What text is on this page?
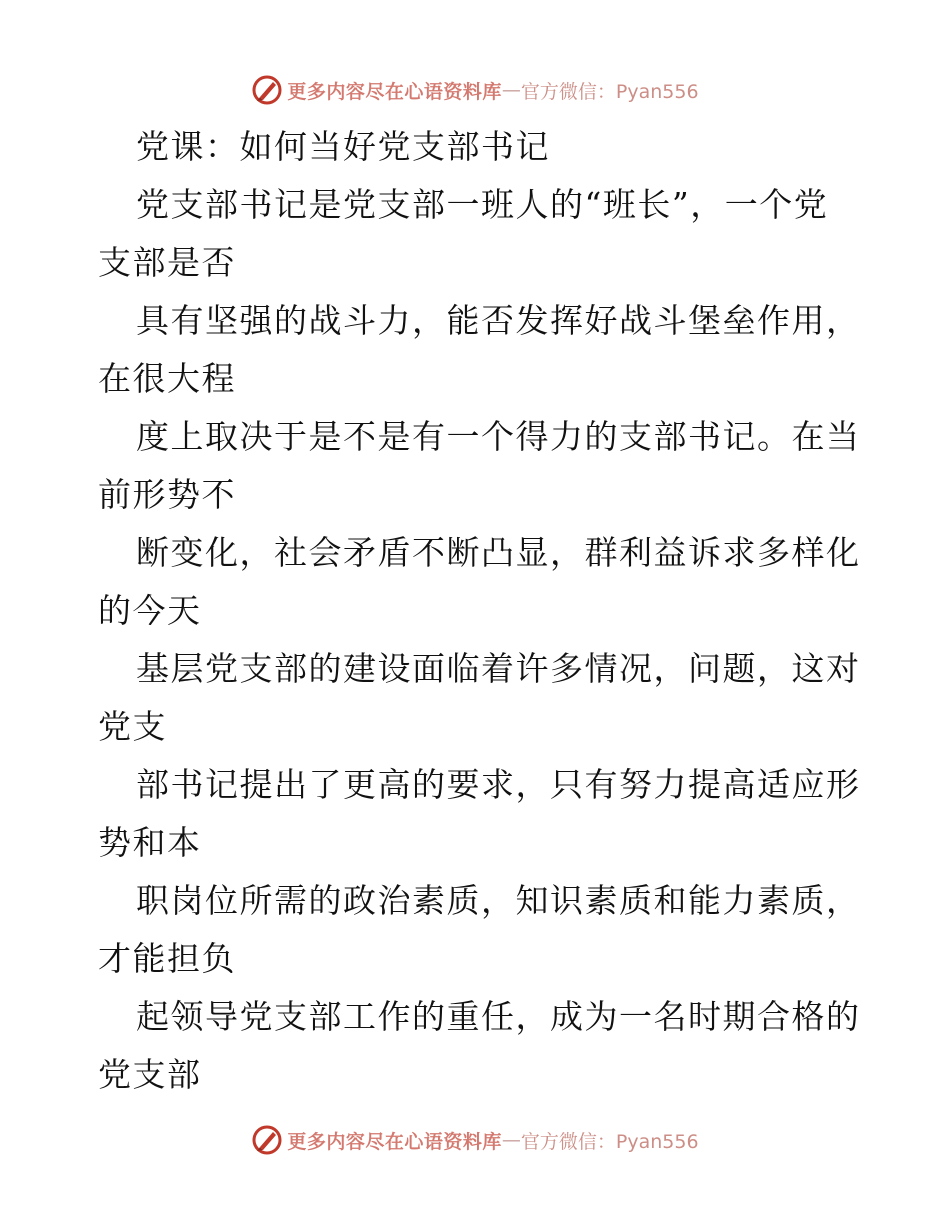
更多内容尽在心语资料库 — 官方微信：Pyan556
党课：如何当好党支部书记
党支部书记是党支部一班人的“班长”，一个党
支部是否
具有坚强的战斗力，能否发挥好战斗堡垒作用，
在很大程
度上取决于是不是有一个得力的支部书记。在当
前形势不
断变化，社会矛盾不断凸显，群利益诉求多样化
的今天
基层党支部的建设面临着许多情况，问题，这对
党支
部书记提出了更高的要求，只有努力提高适应形
势和本
职岗位所需的政治素质，知识素质和能力素质，
才能担负
起领导党支部工作的重任，成为一名时期合格的
党支部
更多内容尽在心语资料库 — 官方微信：Pyan556
